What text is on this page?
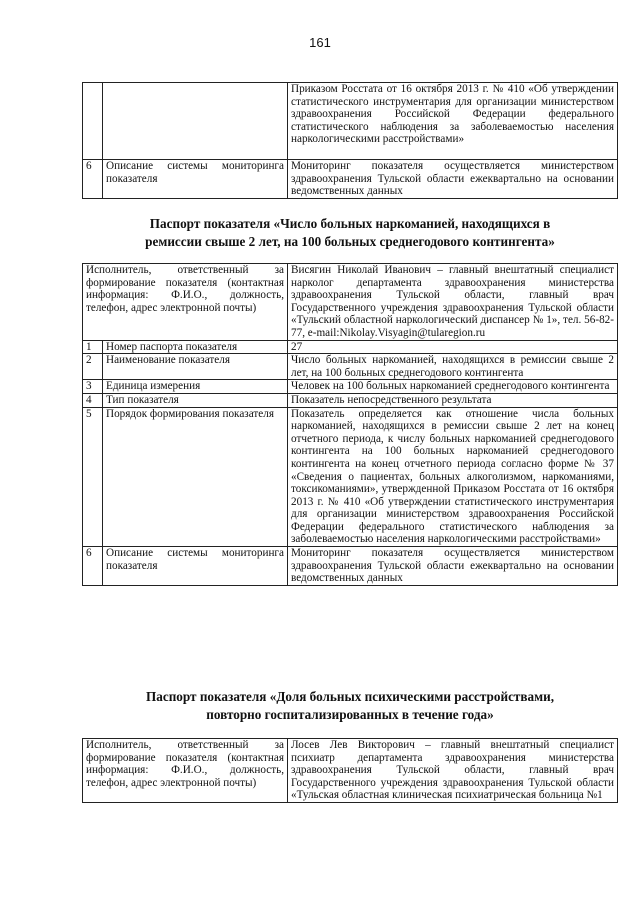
161
		Приказом Росстата от 16 октября 2013 г. № 410 «Об утверждении статистического инструментария для организации министерством здравоохранения Российской Федерации федерального статистического наблюдения за заболеваемостью населения наркологическими расстройствами»
6	Описание системы мониторинга показателя	Мониторинг показателя осуществляется министерством здравоохранения Тульской области ежеквартально на основании ведомственных данных
Паспорт показателя «Число больных наркоманией, находящихся в
ремиссии свыше 2 лет, на 100 больных среднегодового контингента»
Исполнитель, ответственный за формирование показателя (контактная информация: Ф.И.О., должность, телефон, адрес электронной почты)		Висягин Николай Иванович – главный внештатный специалист нарколог департамента здравоохранения министерства здравоохранения Тульской области, главный врач Государственного учреждения здравоохранения Тульской области «Тульский областной наркологический диспансер № 1», тел. 56-82-77, e-mail:Nikolay.Visyagin@tularegion.ru
1	Номер паспорта показателя	27
2	Наименование показателя	Число больных наркоманией, находящихся в ремиссии свыше 2 лет, на 100 больных среднегодового контингента
3	Единица измерения	Человек на 100 больных наркоманией среднегодового контингента
4	Тип показателя	Показатель непосредственного результата
5	Порядок формирования показателя	Показатель определяется как отношение числа больных наркоманией, находящихся в ремиссии свыше 2 лет на конец отчетного периода, к числу больных наркоманией среднегодового контингента на 100 больных наркоманией среднегодового контингента на конец отчетного периода согласно форме № 37 «Сведения о пациентах, больных алкоголизмом, наркоманиями, токсикоманиями», утвержденной Приказом Росстата от 16 октября 2013 г. № 410 «Об утверждении статистического инструментария для организации министерством здравоохранения Российской Федерации федерального статистического наблюдения за заболеваемостью населения наркологическими расстройствами»
6	Описание системы мониторинга показателя	Мониторинг показателя осуществляется министерством здравоохранения Тульской области ежеквартально на основании ведомственных данных
Паспорт показателя «Доля больных психическими расстройствами,
повторно госпитализированных в течение года»
Исполнитель, ответственный за формирование показателя (контактная информация: Ф.И.О., должность, телефон, адрес электронной почты)	Лосев Лев Викторович – главный внештатный специалист психиатр департамента здравоохранения министерства здравоохранения Тульской области, главный врач Государственного учреждения здравоохранения Тульской области «Тульская областная клиническая психиатрическая больница №1
